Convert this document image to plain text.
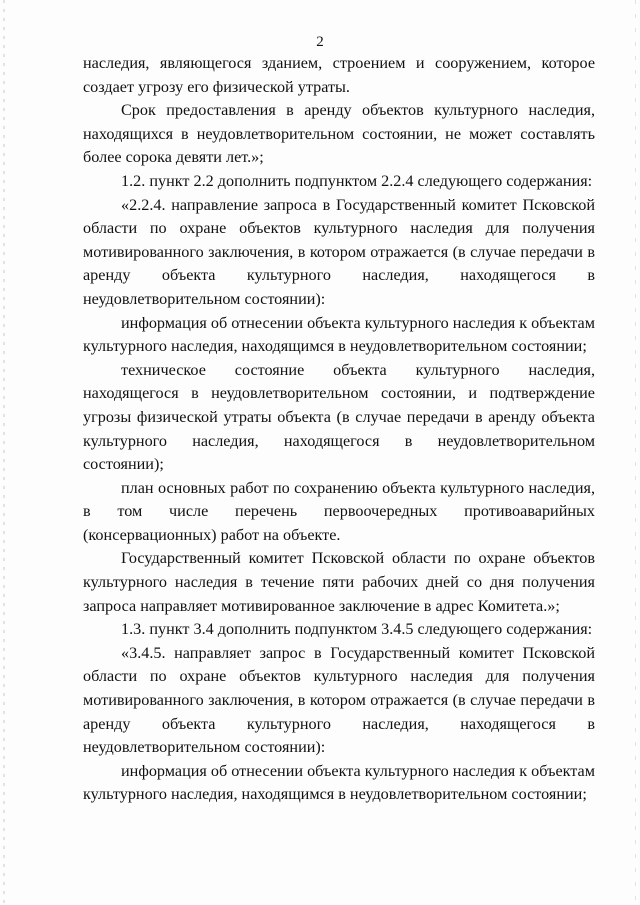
2

наследия, являющегося зданием, строением и сооружением, которое создает угрозу его физической утраты.

Срок предоставления в аренду объектов культурного наследия, находящихся в неудовлетворительном состоянии, не может составлять более сорока девяти лет.»;

1.2. пункт 2.2 дополнить подпунктом 2.2.4 следующего содержания:

«2.2.4. направление запроса в Государственный комитет Псковской области по охране объектов культурного наследия для получения мотивированного заключения, в котором отражается (в случае передачи в аренду объекта культурного наследия, находящегося в неудовлетворительном состоянии):

информация об отнесении объекта культурного наследия к объектам культурного наследия, находящимся в неудовлетворительном состоянии;

техническое состояние объекта культурного наследия, находящегося в неудовлетворительном состоянии, и подтверждение угрозы физической утраты объекта (в случае передачи в аренду объекта культурного наследия, находящегося в неудовлетворительном состоянии);

план основных работ по сохранению объекта культурного наследия, в том числе перечень первоочередных противоаварийных (консервационных) работ на объекте.

Государственный комитет Псковской области по охране объектов культурного наследия в течение пяти рабочих дней со дня получения запроса направляет мотивированное заключение в адрес Комитета.»;

1.3. пункт 3.4 дополнить подпунктом 3.4.5 следующего содержания:

«3.4.5. направляет запрос в Государственный комитет Псковской области по охране объектов культурного наследия для получения мотивированного заключения, в котором отражается (в случае передачи в аренду объекта культурного наследия, находящегося в неудовлетворительном состоянии):

информация об отнесении объекта культурного наследия к объектам культурного наследия, находящимся в неудовлетворительном состоянии;
